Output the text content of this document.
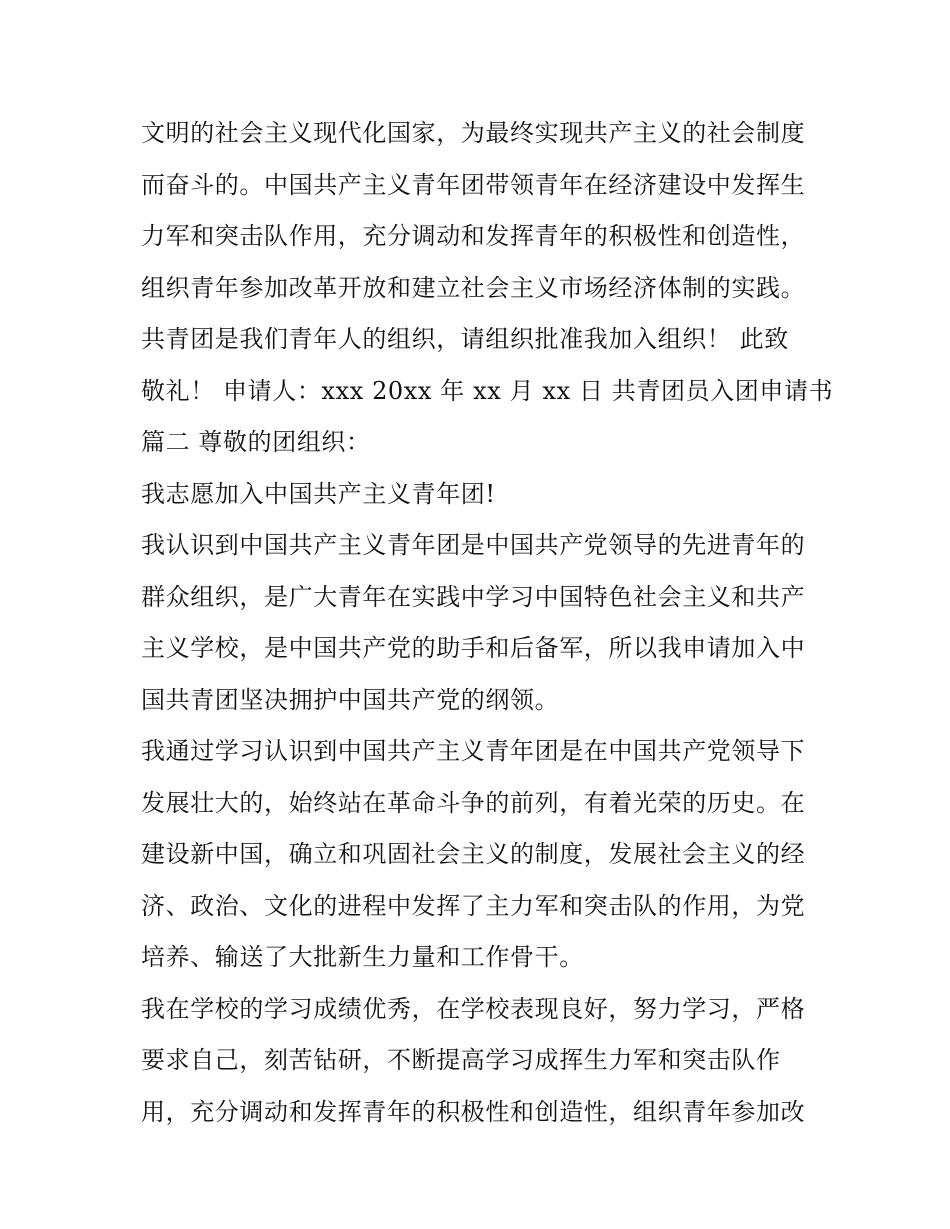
文明的社会主义现代化国家，为最终实现共产主义的社会制度
而奋斗的。中国共产主义青年团带领青年在经济建设中发挥生
力军和突击队作用，充分调动和发挥青年的积极性和创造性，
组织青年参加改革开放和建立社会主义市场经济体制的实践。
共青团是我们青年人的组织，请组织批准我加入组织！ 此致
敬礼！ 申请人：xxx 20xx 年 xx 月 xx 日 共青团员入团申请书
篇二 尊敬的团组织：
我志愿加入中国共产主义青年团!
我认识到中国共产主义青年团是中国共产党领导的先进青年的
群众组织，是广大青年在实践中学习中国特色社会主义和共产
主义学校，是中国共产党的助手和后备军，所以我申请加入中
国共青团坚决拥护中国共产党的纲领。
我通过学习认识到中国共产主义青年团是在中国共产党领导下
发展壮大的，始终站在革命斗争的前列，有着光荣的历史。在
建设新中国，确立和巩固社会主义的制度，发展社会主义的经
济、政治、文化的进程中发挥了主力军和突击队的作用，为党
培养、输送了大批新生力量和工作骨干。
我在学校的学习成绩优秀，在学校表现良好，努力学习，严格
要求自己，刻苦钻研，不断提高学习成挥生力军和突击队作
用，充分调动和发挥青年的积极性和创造性，组织青年参加改
